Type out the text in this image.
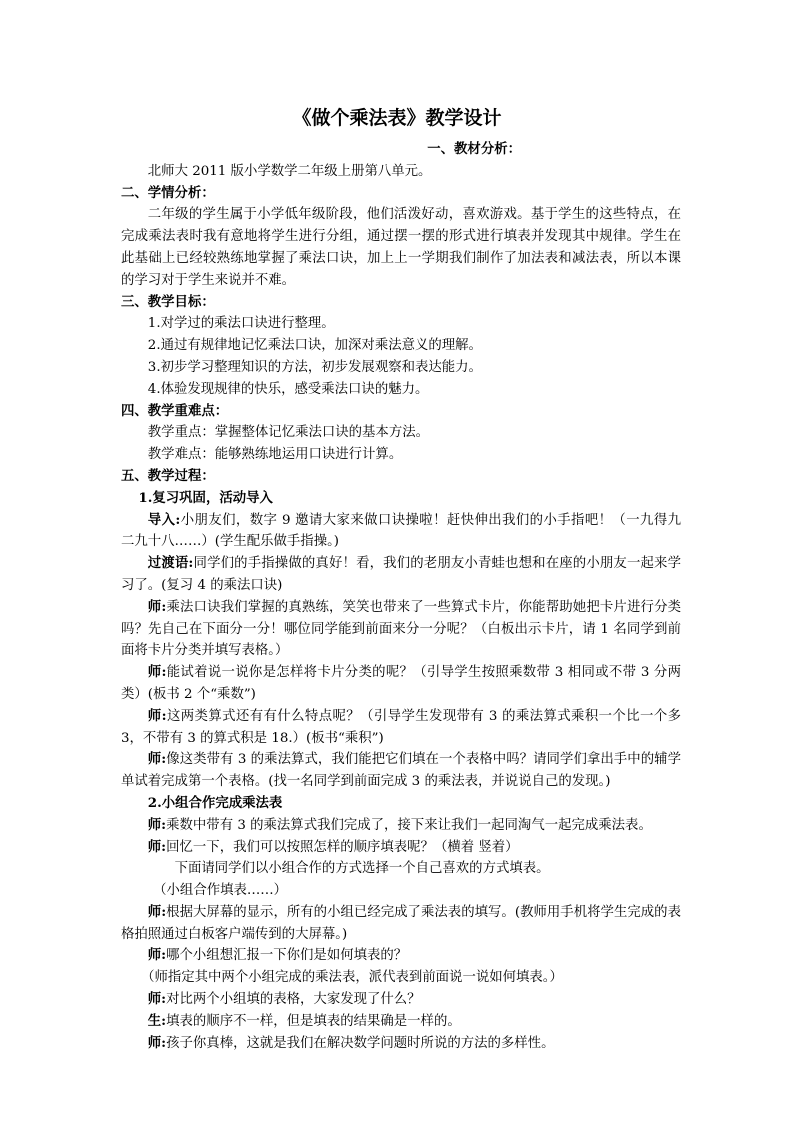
《做个乘法表》教学设计

一、教材分析：

北师大 2011 版小学数学二年级上册第八单元。

二、学情分析：

二年级的学生属于小学低年级阶段，他们活泼好动，喜欢游戏。基于学生的这些特点，在完成乘法表时我有意地将学生进行分组，通过摆一摆的形式进行填表并发现其中规律。学生在此基础上已经较熟练地掌握了乘法口诀，加上上一学期我们制作了加法表和减法表，所以本课的学习对于学生来说并不难。

三、教学目标：

1.对学过的乘法口诀进行整理。

2.通过有规律地记忆乘法口诀，加深对乘法意义的理解。

3.初步学习整理知识的方法，初步发展观察和表达能力。

4.体验发现规律的快乐，感受乘法口诀的魅力。

四、教学重难点：

教学重点：掌握整体记忆乘法口诀的基本方法。

教学难点：能够熟练地运用口诀进行计算。

五、教学过程：

1.复习巩固，活动导入

导入:小朋友们，数字 9 邀请大家来做口诀操啦！赶快伸出我们的小手指吧！（一九得九 二九十八……）(学生配乐做手指操。)

过渡语:同学们的手指操做的真好！看，我们的老朋友小青蛙也想和在座的小朋友一起来学习了。(复习 4 的乘法口诀)

师:乘法口诀我们掌握的真熟练，笑笑也带来了一些算式卡片，你能帮助她把卡片进行分类吗？先自己在下面分一分！哪位同学能到前面来分一分呢？（白板出示卡片，请 1 名同学到前面将卡片分类并填写表格。）

师:能试着说一说你是怎样将卡片分类的呢？（引导学生按照乘数带 3 相同或不带 3 分两类）(板书 2 个“乘数”)

师:这两类算式还有有什么特点呢？（引导学生发现带有 3 的乘法算式乘积一个比一个多 3，不带有 3 的算式积是 18.）(板书“乘积”)

师:像这类带有 3 的乘法算式，我们能把它们填在一个表格中吗？请同学们拿出手中的辅学单试着完成第一个表格。(找一名同学到前面完成 3 的乘法表，并说说自己的发现。)

2.小组合作完成乘法表

师:乘数中带有 3 的乘法算式我们完成了，接下来让我们一起同淘气一起完成乘法表。

师:回忆一下，我们可以按照怎样的顺序填表呢？（横着 竖着）

下面请同学们以小组合作的方式选择一个自己喜欢的方式填表。

（小组合作填表……）

师:根据大屏幕的显示，所有的小组已经完成了乘法表的填写。(教师用手机将学生完成的表格拍照通过白板客户端传到的大屏幕。)

师:哪个小组想汇报一下你们是如何填表的？

（师指定其中两个小组完成的乘法表，派代表到前面说一说如何填表。）

师:对比两个小组填的表格，大家发现了什么？

生:填表的顺序不一样，但是填表的结果确是一样的。

师:孩子你真棒，这就是我们在解决数学问题时所说的方法的多样性。
